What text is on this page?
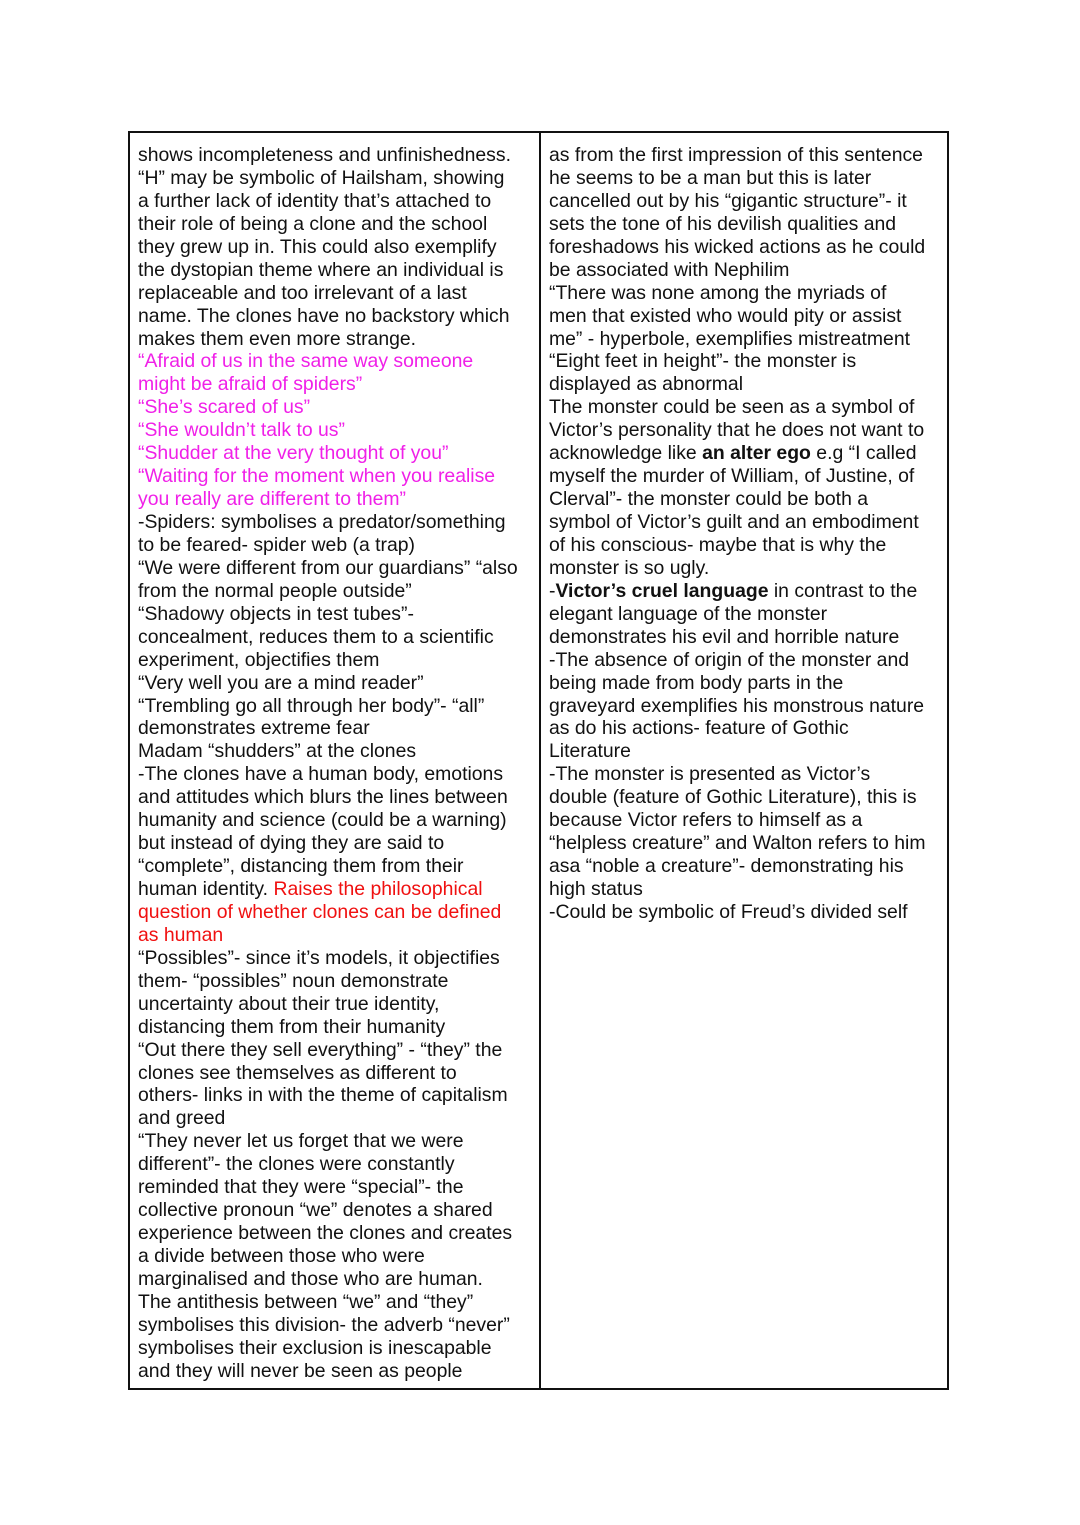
shows incompleteness and unfinishedness.
“H” may be symbolic of Hailsham, showing
a further lack of identity that’s attached to
their role of being a clone and the school
they grew up in. This could also exemplify
the dystopian theme where an individual is
replaceable and too irrelevant of a last
name. The clones have no backstory which
makes them even more strange.
“Afraid of us in the same way someone
might be afraid of spiders”
“She’s scared of us”
“She wouldn’t talk to us”
“Shudder at the very thought of you”
“Waiting for the moment when you realise
you really are different to them”
-Spiders: symbolises a predator/something
to be feared- spider web (a trap)
“We were different from our guardians” “also
from the normal people outside”
“Shadowy objects in test tubes”-
concealment, reduces them to a scientific
experiment, objectifies them
“Very well you are a mind reader”
“Trembling go all through her body”- “all”
demonstrates extreme fear
Madam “shudders” at the clones
-The clones have a human body, emotions
and attitudes which blurs the lines between
humanity and science (could be a warning)
but instead of dying they are said to
“complete”, distancing them from their
human identity. Raises the philosophical
question of whether clones can be defined
as human
“Possibles”- since it’s models, it objectifies
them- “possibles” noun demonstrate
uncertainty about their true identity,
distancing them from their humanity
“Out there they sell everything” - “they” the
clones see themselves as different to
others- links in with the theme of capitalism
and greed
“They never let us forget that we were
different”- the clones were constantly
reminded that they were “special”- the
collective pronoun “we” denotes a shared
experience between the clones and creates
a divide between those who were
marginalised and those who are human.
The antithesis between “we” and “they”
symbolises this division- the adverb “never”
symbolises their exclusion is inescapable
and they will never be seen as people
as from the first impression of this sentence
he seems to be a man but this is later
cancelled out by his “gigantic structure”- it
sets the tone of his devilish qualities and
foreshadows his wicked actions as he could
be associated with Nephilim
“There was none among the myriads of
men that existed who would pity or assist
me” - hyperbole, exemplifies mistreatment
“Eight feet in height”- the monster is
displayed as abnormal
The monster could be seen as a symbol of
Victor’s personality that he does not want to
acknowledge like an alter ego e.g “I called
myself the murder of William, of Justine, of
Clerval”- the monster could be both a
symbol of Victor’s guilt and an embodiment
of his conscious- maybe that is why the
monster is so ugly.
-Victor’s cruel language in contrast to the
elegant language of the monster
demonstrates his evil and horrible nature
-The absence of origin of the monster and
being made from body parts in the
graveyard exemplifies his monstrous nature
as do his actions- feature of Gothic
Literature
-The monster is presented as Victor’s
double (feature of Gothic Literature), this is
because Victor refers to himself as a
“helpless creature” and Walton refers to him
asa “noble a creature”- demonstrating his
high status
-Could be symbolic of Freud’s divided self
